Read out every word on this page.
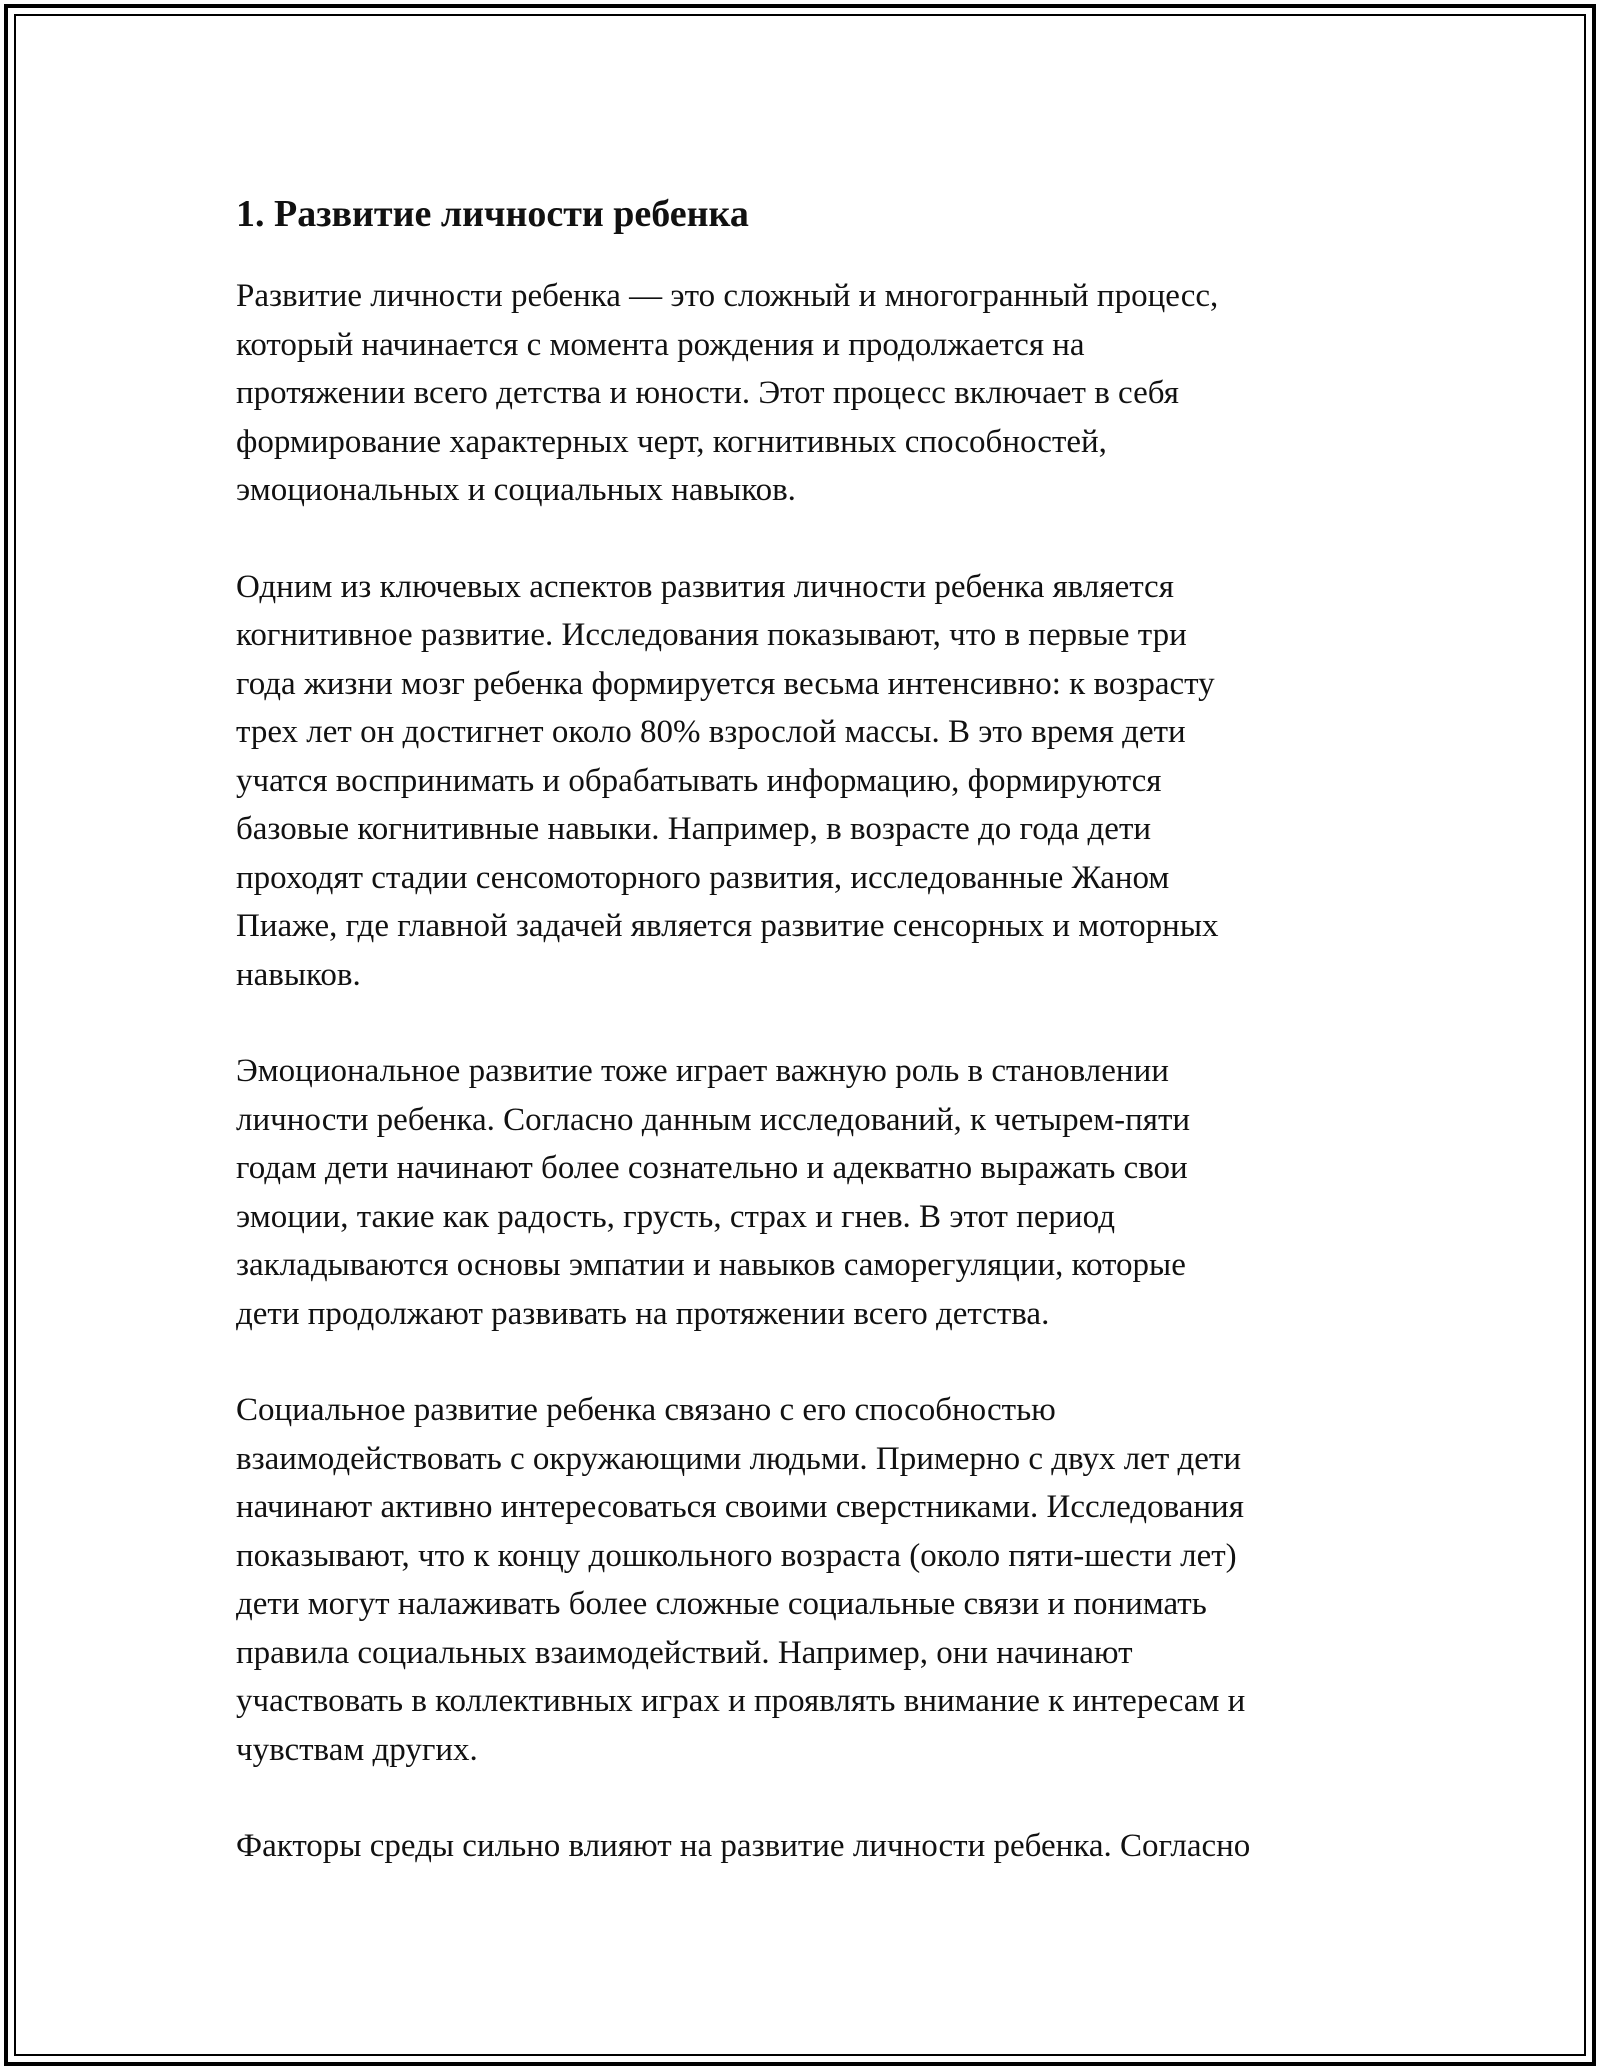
1. Развитие личности ребенка

Развитие личности ребенка — это сложный и многогранный процесс,
который начинается с момента рождения и продолжается на
протяжении всего детства и юности. Этот процесс включает в себя
формирование характерных черт, когнитивных способностей,
эмоциональных и социальных навыков.

Одним из ключевых аспектов развития личности ребенка является
когнитивное развитие. Исследования показывают, что в первые три
года жизни мозг ребенка формируется весьма интенсивно: к возрасту
трех лет он достигнет около 80% взрослой массы. В это время дети
учатся воспринимать и обрабатывать информацию, формируются
базовые когнитивные навыки. Например, в возрасте до года дети
проходят стадии сенсомоторного развития, исследованные Жаном
Пиаже, где главной задачей является развитие сенсорных и моторных
навыков.

Эмоциональное развитие тоже играет важную роль в становлении
личности ребенка. Согласно данным исследований, к четырем-пяти
годам дети начинают более сознательно и адекватно выражать свои
эмоции, такие как радость, грусть, страх и гнев. В этот период
закладываются основы эмпатии и навыков саморегуляции, которые
дети продолжают развивать на протяжении всего детства.

Социальное развитие ребенка связано с его способностью
взаимодействовать с окружающими людьми. Примерно с двух лет дети
начинают активно интересоваться своими сверстниками. Исследования
показывают, что к концу дошкольного возраста (около пяти-шести лет)
дети могут налаживать более сложные социальные связи и понимать
правила социальных взаимодействий. Например, они начинают
участвовать в коллективных играх и проявлять внимание к интересам и
чувствам других.

Факторы среды сильно влияют на развитие личности ребенка. Согласно
